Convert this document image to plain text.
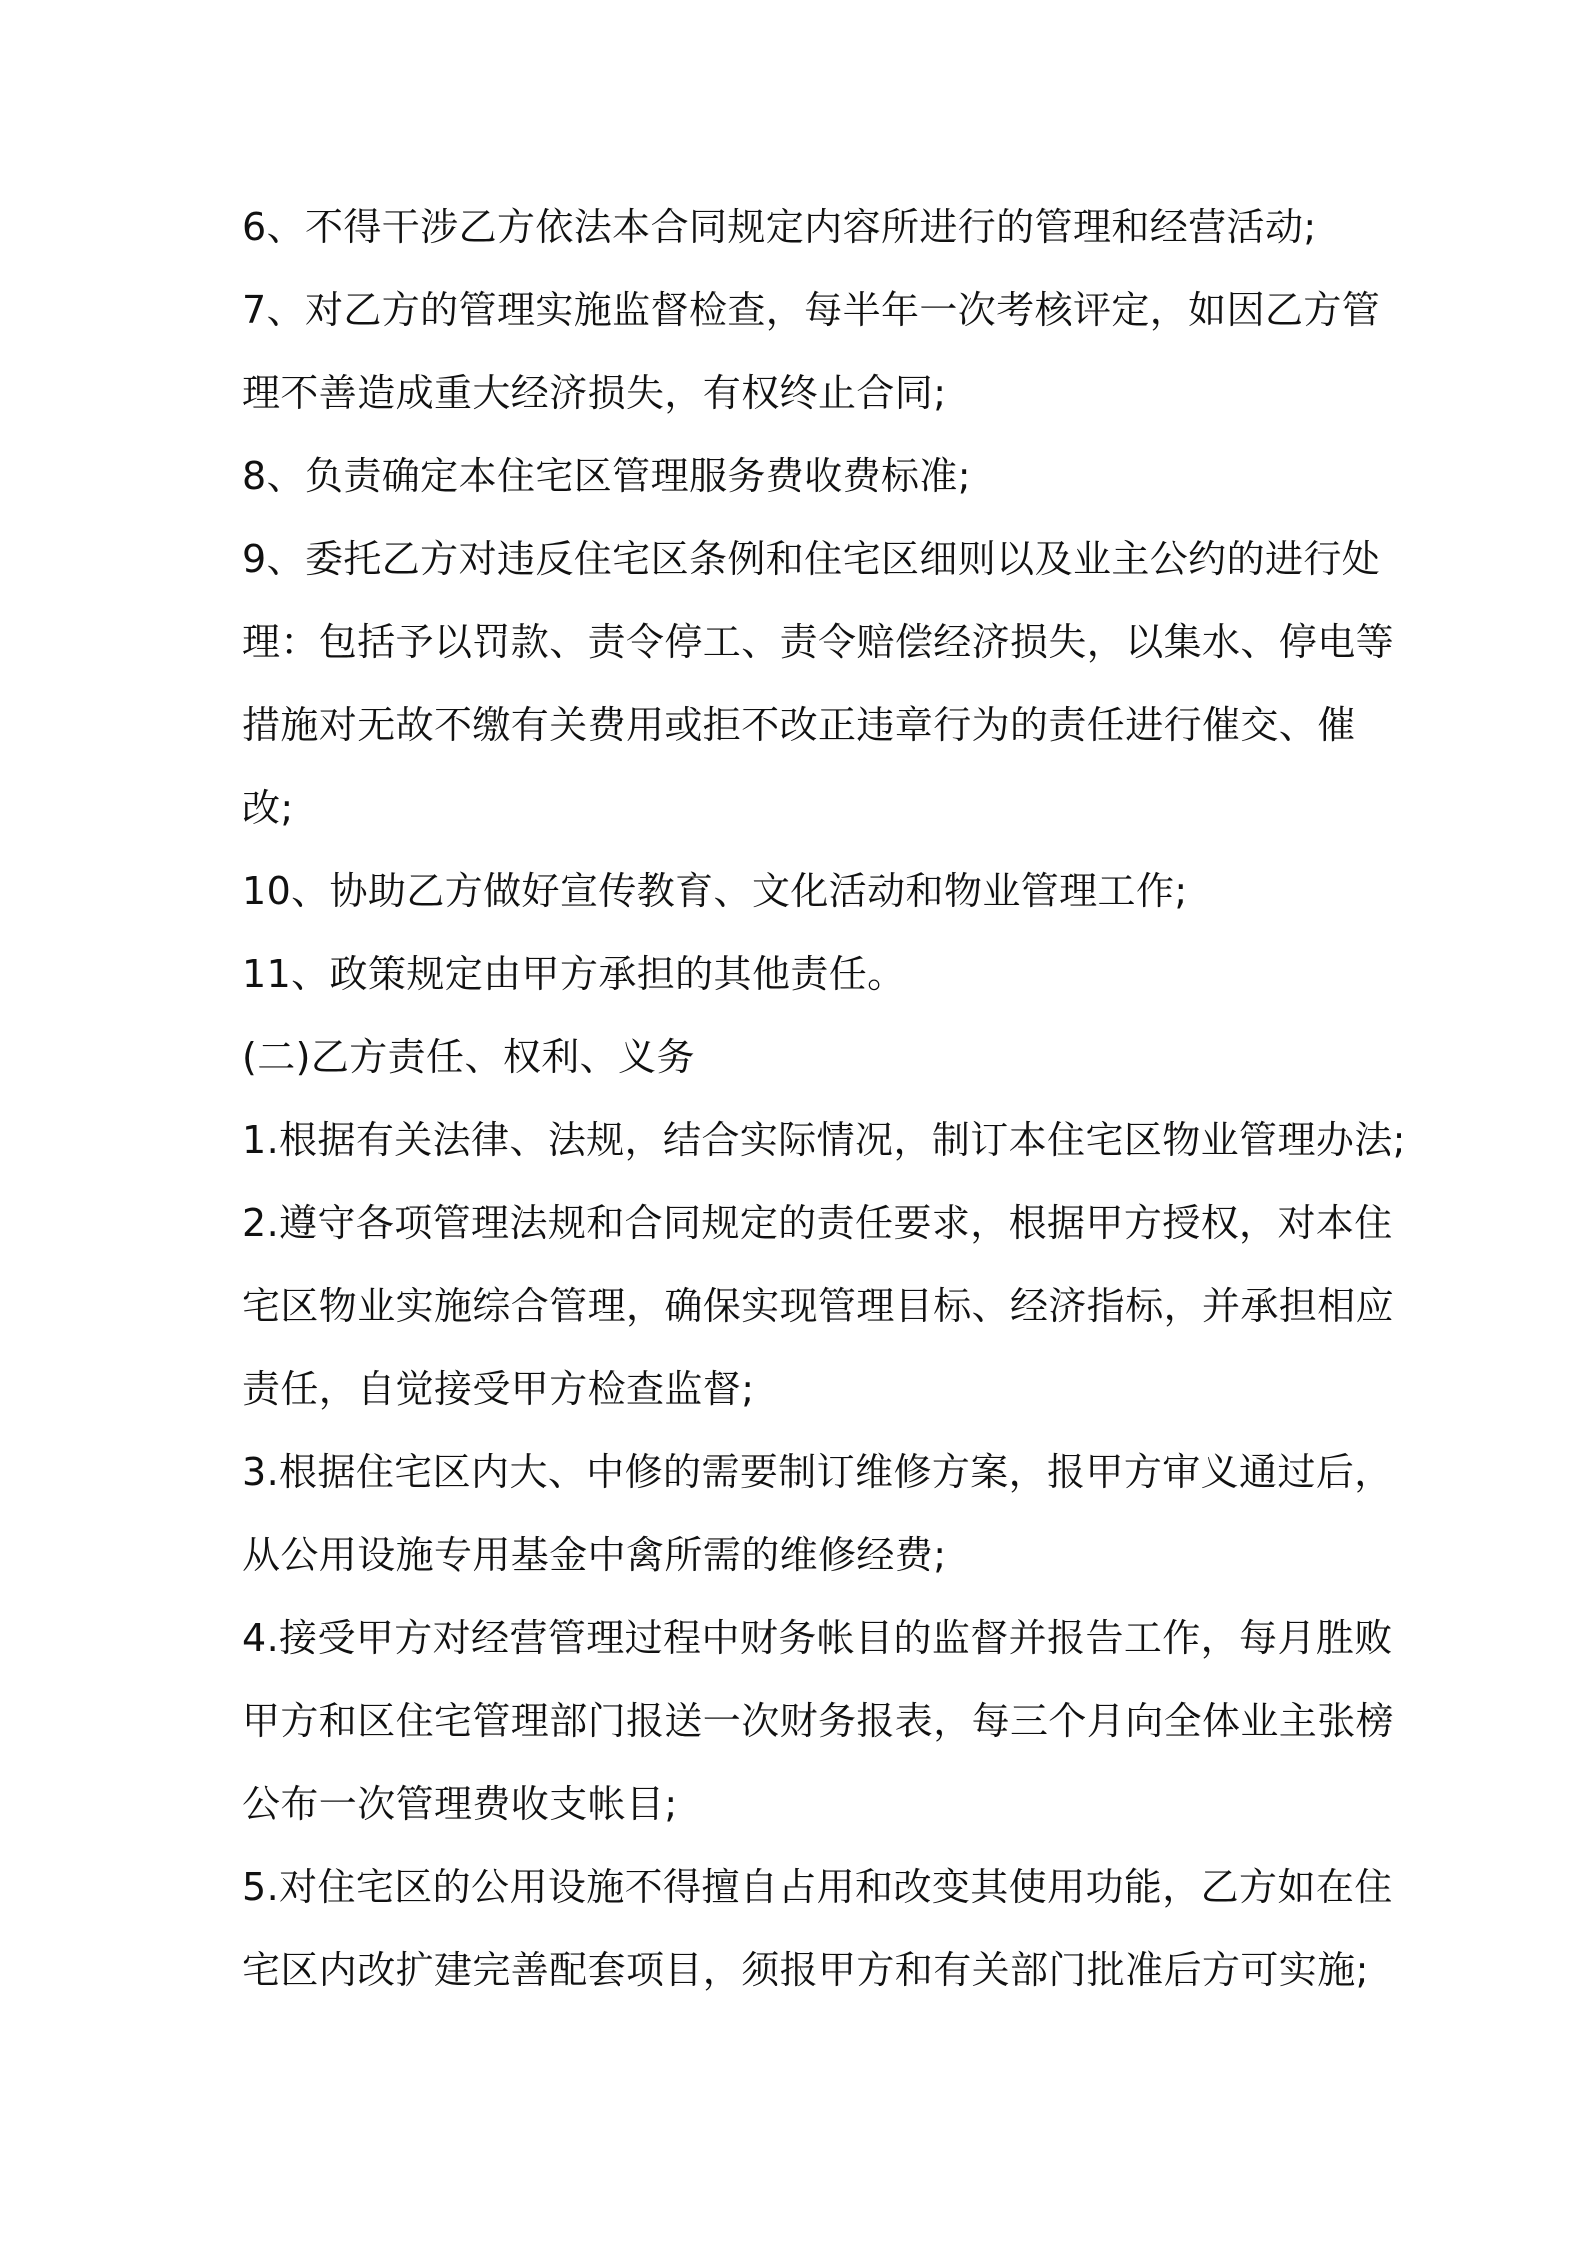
6、不得干涉乙方依法本合同规定内容所进行的管理和经营活动;
7、对乙方的管理实施监督检查，每半年一次考核评定，如因乙方管
理不善造成重大经济损失，有权终止合同;
8、负责确定本住宅区管理服务费收费标准;
9、委托乙方对违反住宅区条例和住宅区细则以及业主公约的进行处
理：包括予以罚款、责令停工、责令赔偿经济损失，以集水、停电等
措施对无故不缴有关费用或拒不改正违章行为的责任进行催交、催
改;
10、协助乙方做好宣传教育、文化活动和物业管理工作;
11、政策规定由甲方承担的其他责任。
(二)乙方责任、权利、义务
1.根据有关法律、法规，结合实际情况，制订本住宅区物业管理办法;
2.遵守各项管理法规和合同规定的责任要求，根据甲方授权，对本住
宅区物业实施综合管理，确保实现管理目标、经济指标，并承担相应
责任，自觉接受甲方检查监督;
3.根据住宅区内大、中修的需要制订维修方案，报甲方审义通过后，
从公用设施专用基金中禽所需的维修经费;
4.接受甲方对经营管理过程中财务帐目的监督并报告工作，每月胜败
甲方和区住宅管理部门报送一次财务报表，每三个月向全体业主张榜
公布一次管理费收支帐目;
5.对住宅区的公用设施不得擅自占用和改变其使用功能，乙方如在住
宅区内改扩建完善配套项目，须报甲方和有关部门批准后方可实施;
